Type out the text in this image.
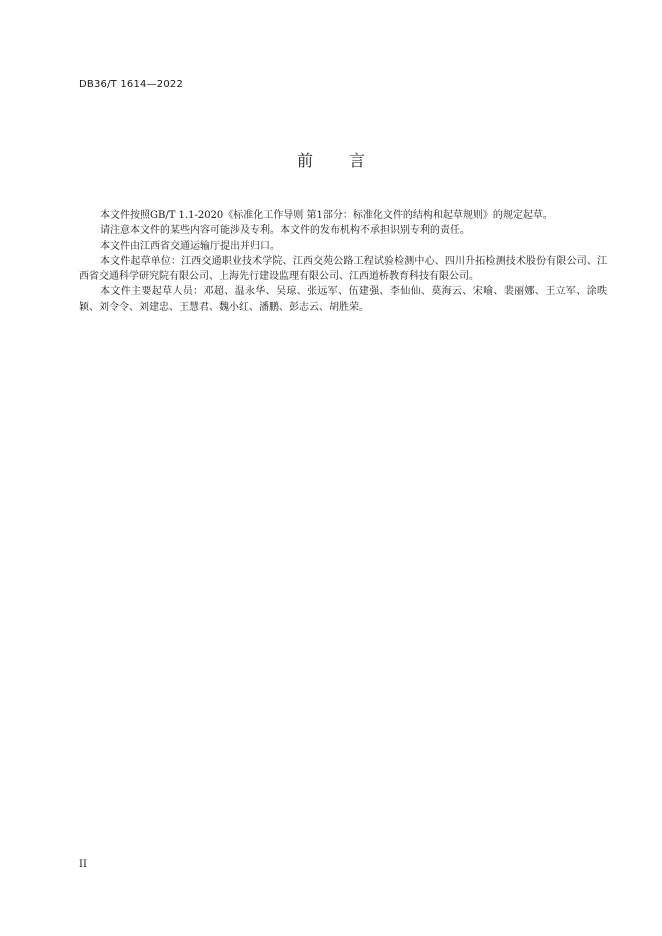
DB36/T 1614—2022
前 言

本文件按照GB/T 1.1-2020《标准化工作导则 第1部分：标准化文件的结构和起草规则》的规定起草。

请注意本文件的某些内容可能涉及专利。本文件的发布机构不承担识别专利的责任。

本文件由江西省交通运输厅提出并归口。

本文件起草单位：江西交通职业技术学院、江西交苑公路工程试验检测中心、四川升拓检测技术股份有限公司、江西省交通科学研究院有限公司、上海先行建设监理有限公司、江西道桥教育科技有限公司。

本文件主要起草人员：邓超、温永华、吴琼、张远军、伍建强、李仙仙、莫海云、宋喻、裴丽娜、王立军、涂昳颖、刘令令、刘建忠、王慧君、魏小红、潘鹏、彭志云、胡胜荣。

II
